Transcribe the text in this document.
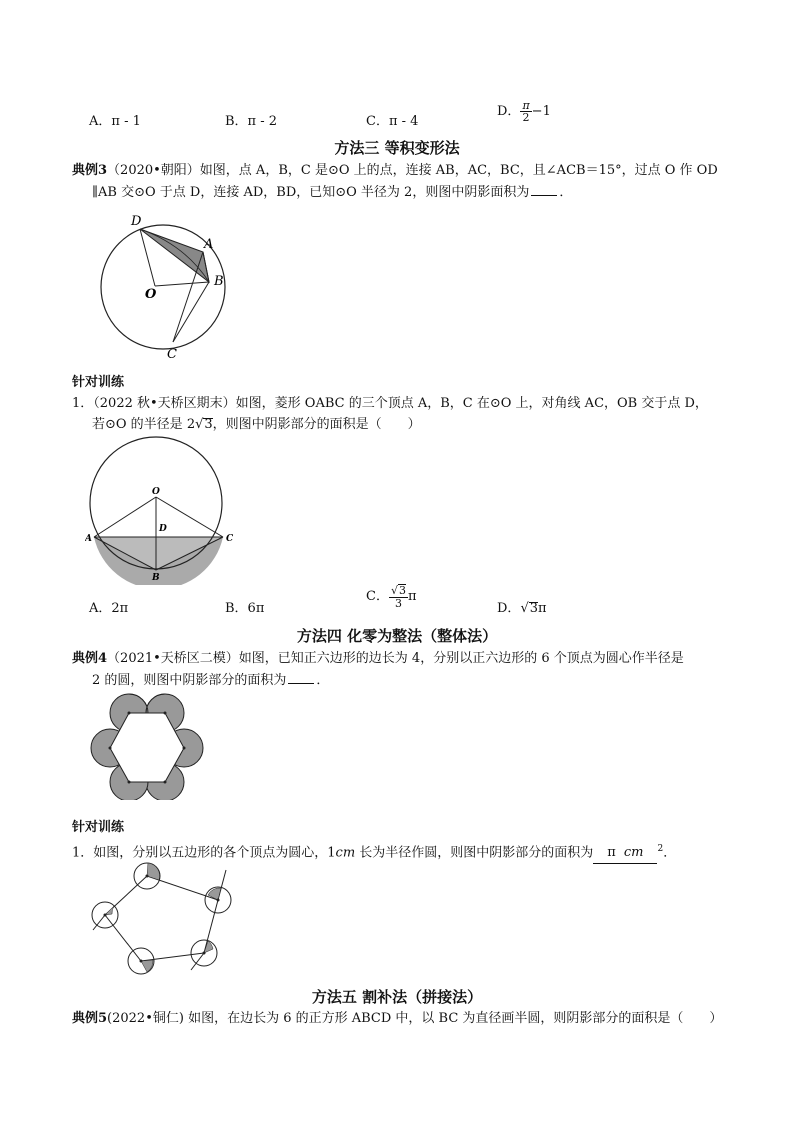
A．π - 1	B．π - 2	C．π - 4
D． $\frac{\pi}{2} -1$
方法三 等积变形法
典例3（2020•朝阳）如图，点 A，B，C 是⊙O 上的点，连接 AB，AC，BC，且∠ACB＝15°，过点 O 作 OD
∥AB 交⊙O 于点 D，连接 AD，BD，已知⊙O 半径为 2，则图中阴影面积为 ．
D
A
O
B
C
针对训练
1．（2022 秋•天桥区期末）如图，菱形 OABC 的三个顶点 A，B，C 在⊙O 上，对角线 AC，OB 交于点 D，
若⊙O 的半径是 2√3，则图中阴影部分的面积是（　　）
O
D
A
B
C
A．2π	B．6π
C． $\frac{√3}{3}$ π
D．√3π
方法四 化零为整法（整体法）
典例4（2021•天桥区二模）如图，已知正六边形的边长为 4，分别以正六边形的 6 个顶点为圆心作半径是
2 的圆，则图中阴影部分的面积为 ．
针对训练
1．如图，分别以五边形的各个顶点为圆心，1cm 长为半径作圆，则图中阴影部分的面积为 π cm $^2$．
方法五 割补法（拼接法）
典例5(2022•铜仁) 如图，在边长为 6 的正方形 ABCD 中，以 BC 为直径画半圆，则阴影部分的面积是（　　）
